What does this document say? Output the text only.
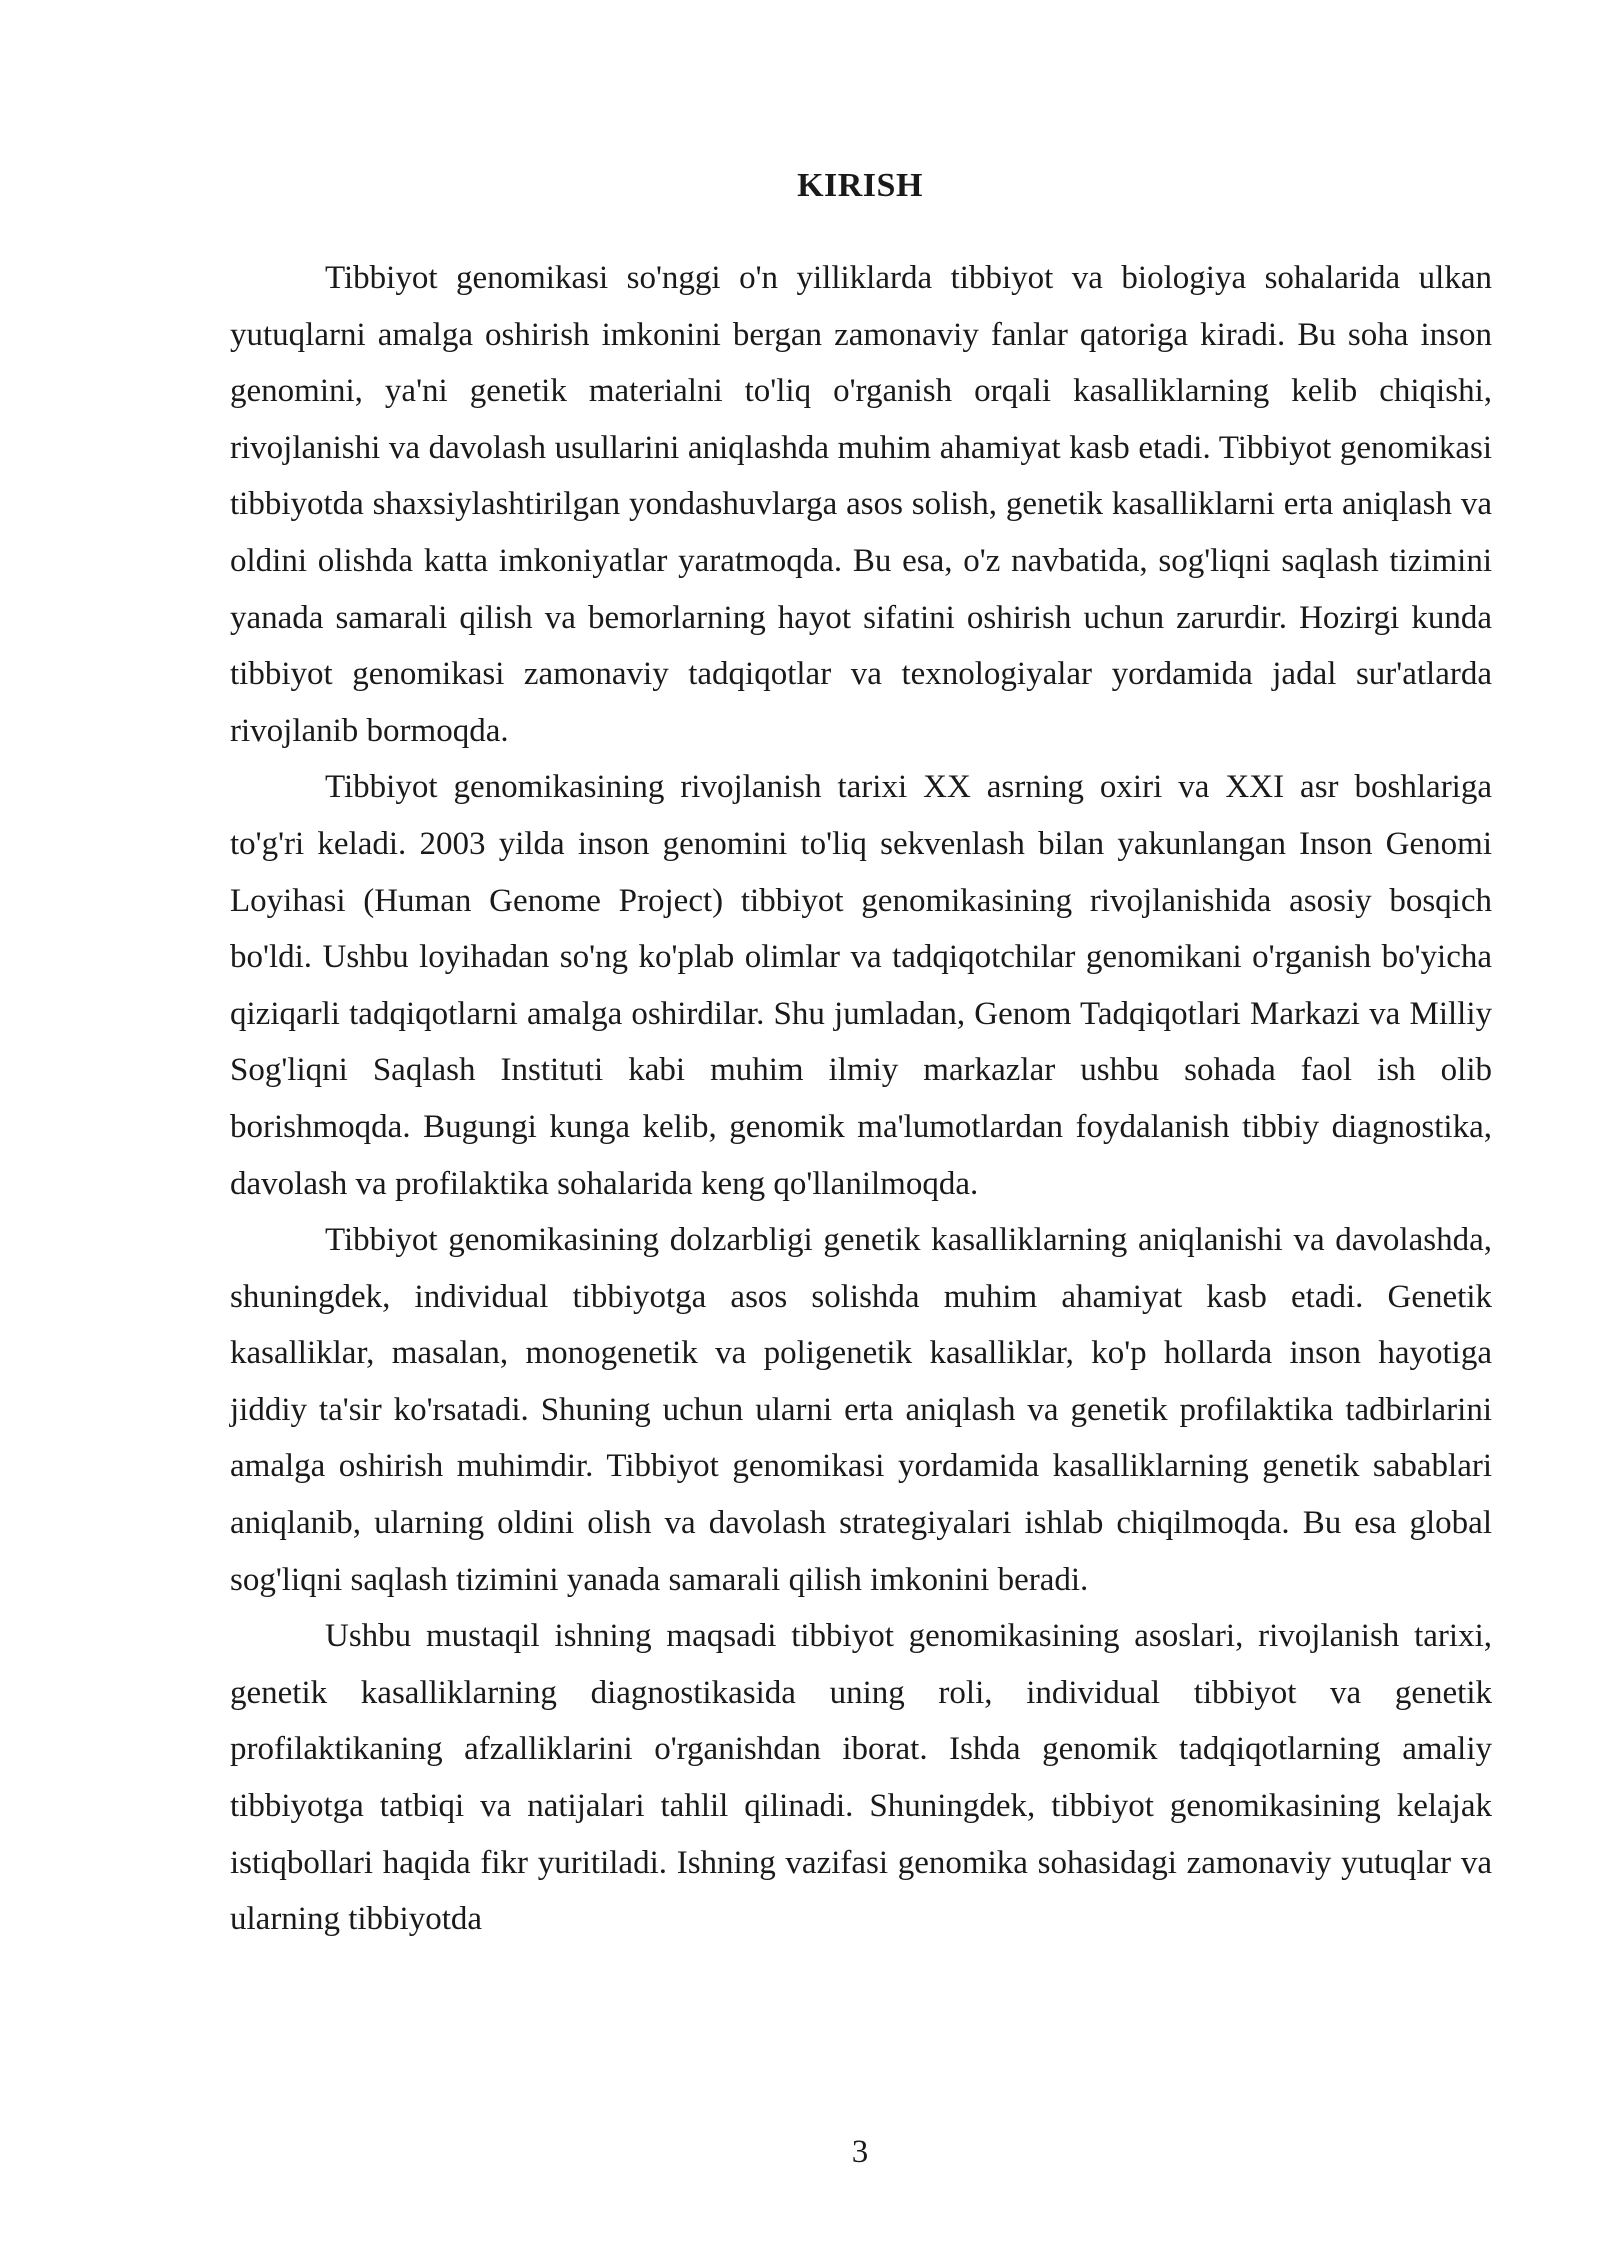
KIRISH

Tibbiyot genomikasi so'nggi o'n yilliklarda tibbiyot va biologiya sohalarida ulkan yutuqlarni amalga oshirish imkonini bergan zamonaviy fanlar qatoriga kiradi. Bu soha inson genomini, ya'ni genetik materialni to'liq o'rganish orqali kasalliklarning kelib chiqishi, rivojlanishi va davolash usullarini aniqlashda muhim ahamiyat kasb etadi. Tibbiyot genomikasi tibbiyotda shaxsiylashtirilgan yondashuvlarga asos solish, genetik kasalliklarni erta aniqlash va oldini olishda katta imkoniyatlar yaratmoqda. Bu esa, o'z navbatida, sog'liqni saqlash tizimini yanada samarali qilish va bemorlarning hayot sifatini oshirish uchun zarurdir. Hozirgi kunda tibbiyot genomikasi zamonaviy tadqiqotlar va texnologiyalar yordamida jadal sur'atlarda rivojlanib bormoqda.

Tibbiyot genomikasining rivojlanish tarixi XX asrning oxiri va XXI asr boshlariga to'g'ri keladi. 2003 yilda inson genomini to'liq sekvenlash bilan yakunlangan Inson Genomi Loyihasi (Human Genome Project) tibbiyot genomikasining rivojlanishida asosiy bosqich bo'ldi. Ushbu loyihadan so'ng ko'plab olimlar va tadqiqotchilar genomikani o'rganish bo'yicha qiziqarli tadqiqotlarni amalga oshirdilar. Shu jumladan, Genom Tadqiqotlari Markazi va Milliy Sog'liqni Saqlash Instituti kabi muhim ilmiy markazlar ushbu sohada faol ish olib borishmoqda. Bugungi kunga kelib, genomik ma'lumotlardan foydalanish tibbiy diagnostika, davolash va profilaktika sohalarida keng qo'llanilmoqda.

Tibbiyot genomikasining dolzarbligi genetik kasalliklarning aniqlanishi va davolashda, shuningdek, individual tibbiyotga asos solishda muhim ahamiyat kasb etadi. Genetik kasalliklar, masalan, monogenetik va poligenetik kasalliklar, ko'p hollarda inson hayotiga jiddiy ta'sir ko'rsatadi. Shuning uchun ularni erta aniqlash va genetik profilaktika tadbirlarini amalga oshirish muhimdir. Tibbiyot genomikasi yordamida kasalliklarning genetik sabablari aniqlanib, ularning oldini olish va davolash strategiyalari ishlab chiqilmoqda. Bu esa global sog'liqni saqlash tizimini yanada samarali qilish imkonini beradi.

Ushbu mustaqil ishning maqsadi tibbiyot genomikasining asoslari, rivojlanish tarixi, genetik kasalliklarning diagnostikasida uning roli, individual tibbiyot va genetik profilaktikaning afzalliklarini o'rganishdan iborat. Ishda genomik tadqiqotlarning amaliy tibbiyotga tatbiqi va natijalari tahlil qilinadi. Shuningdek, tibbiyot genomikasining kelajak istiqbollari haqida fikr yuritiladi. Ishning vazifasi genomika sohasidagi zamonaviy yutuqlar va ularning tibbiyotda

3
